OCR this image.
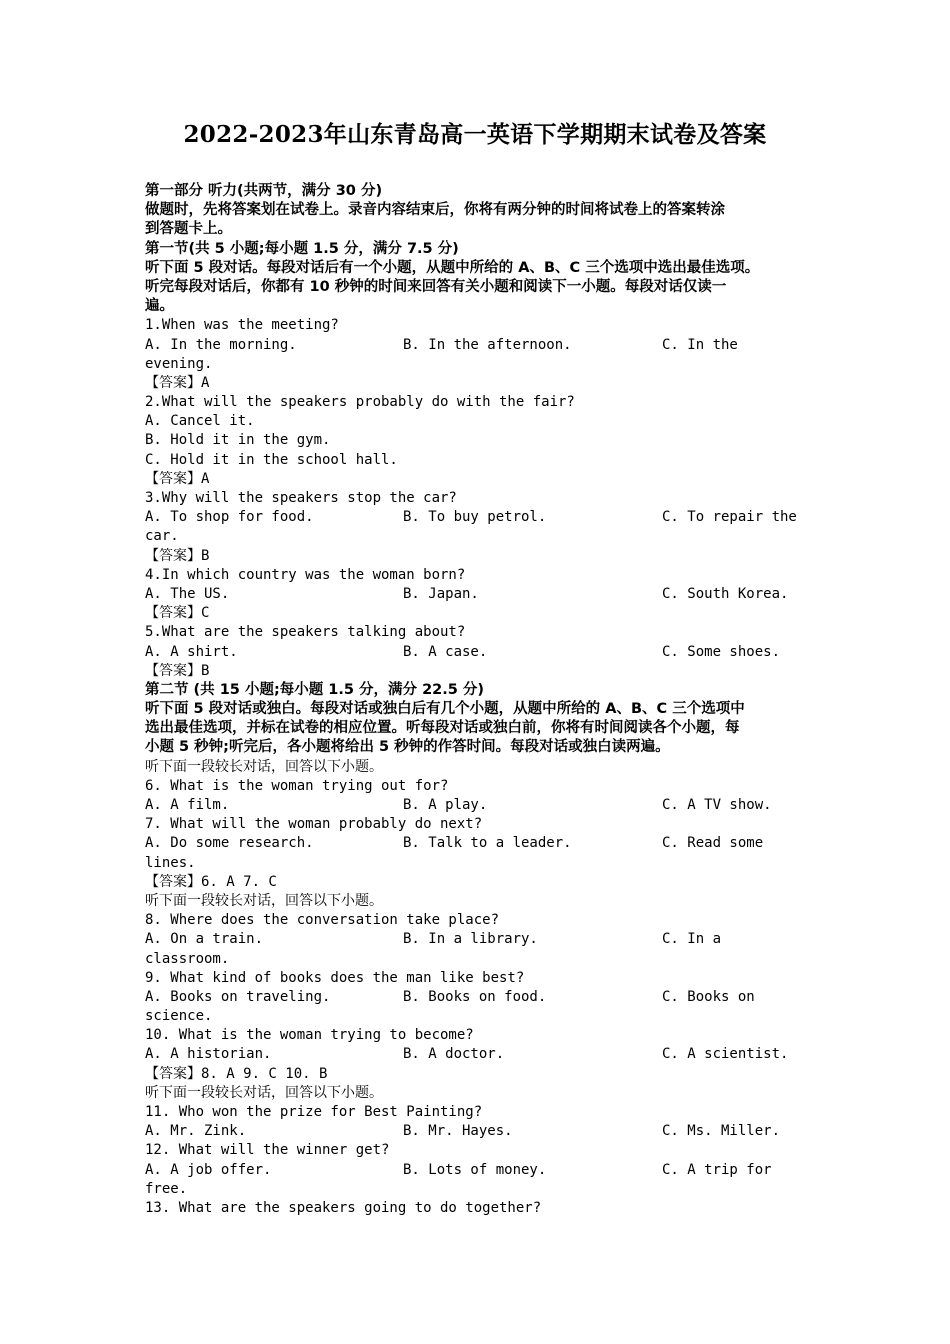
2022-2023年山东青岛高一英语下学期期末试卷及答案
第一部分 听力(共两节，满分 30 分)
做题时，先将答案划在试卷上。录音内容结束后，你将有两分钟的时间将试卷上的答案转涂
到答题卡上。
第一节(共 5 小题;每小题 1.5 分，满分 7.5 分)
听下面 5 段对话。每段对话后有一个小题，从题中所给的 A、B、C 三个选项中选出最佳选项。
听完每段对话后，你都有 10 秒钟的时间来回答有关小题和阅读下一小题。每段对话仅读一
遍。
1.When was the meeting?
A. In the morning.	B. In the afternoon.	C. In the
evening.
【答案】A
2.What will the speakers probably do with the fair?
A. Cancel it.
B. Hold it in the gym.
C. Hold it in the school hall.
【答案】A
3.Why will the speakers stop the car?
A. To shop for food.	B. To buy petrol.	C. To repair the
car.
【答案】B
4.In which country was the woman born?
A. The US.	B. Japan.	C. South Korea.
【答案】C
5.What are the speakers talking about?
A. A shirt.	B. A case.	C. Some shoes.
【答案】B
第二节 (共 15 小题;每小题 1.5 分，满分 22.5 分)
听下面 5 段对话或独白。每段对话或独白后有几个小题，从题中所给的 A、B、C 三个选项中
选出最佳选项，并标在试卷的相应位置。听每段对话或独白前，你将有时间阅读各个小题，每
小题 5 秒钟;听完后，各小题将给出 5 秒钟的作答时间。每段对话或独白读两遍。
听下面一段较长对话，回答以下小题。
6. What is the woman trying out for?
A. A film.	B. A play.	C. A TV show.
7. What will the woman probably do next?
A. Do some research.	B. Talk to a leader.	C. Read some
lines.
【答案】6. A 7. C
听下面一段较长对话，回答以下小题。
8. Where does the conversation take place?
A. On a train.	B. In a library.	C. In a
classroom.
9. What kind of books does the man like best?
A. Books on traveling.	B. Books on food.	C. Books on
science.
10. What is the woman trying to become?
A. A historian.	B. A doctor.	C. A scientist.
【答案】8. A 9. C 10. B
听下面一段较长对话，回答以下小题。
11. Who won the prize for Best Painting?
A. Mr. Zink.	B. Mr. Hayes.	C. Ms. Miller.
12. What will the winner get?
A. A job offer.	B. Lots of money.	C. A trip for
free.
13. What are the speakers going to do together?
